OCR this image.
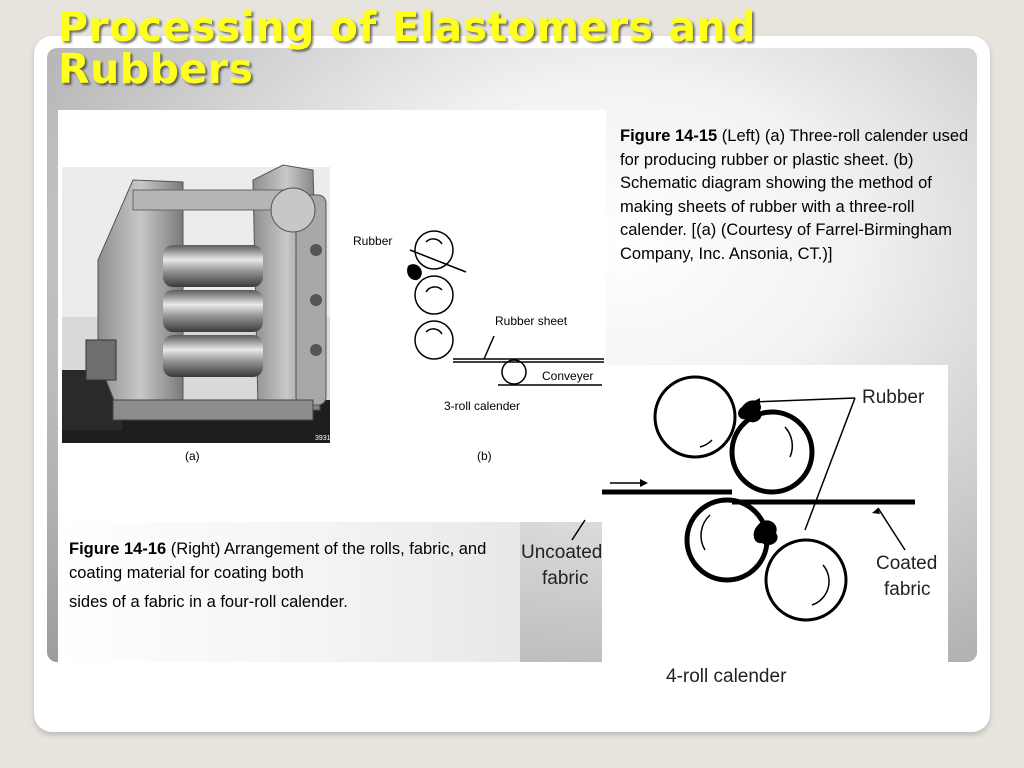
Processing of Elastomers and Rubbers
3931
(a)
Rubber
Rubber sheet
Conveyer
3-roll calender
(b)
Figure 14-15 (Left) (a) Three-roll calender used for producing rubber or plastic sheet. (b) Schematic diagram showing the method of making sheets of rubber with a three-roll calender. [(a) (Courtesy of Farrel-Birmingham Company, Inc. Ansonia, CT.)]
Figure 14-16 (Right) Arrangement of the rolls, fabric, and coating material for coating both
sides of a fabric in a four-roll calender.
Rubber
Uncoated
fabric
Coated
fabric
4-roll calender
